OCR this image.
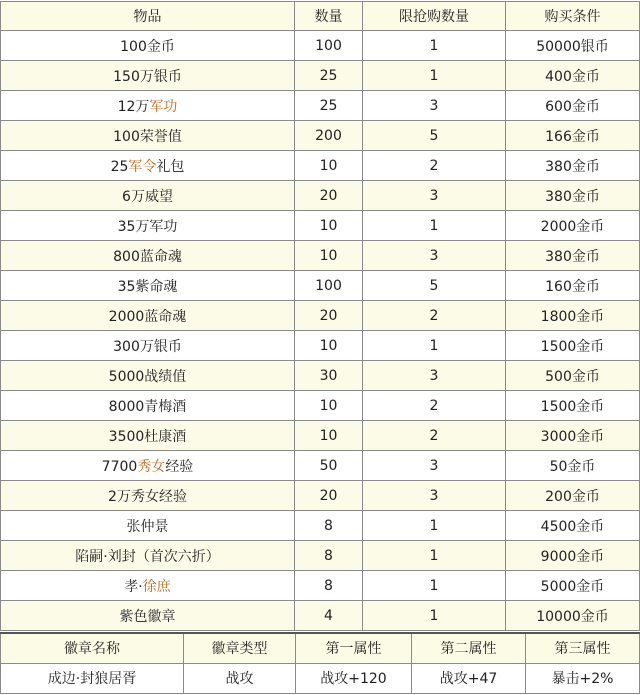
物品	数量	限抢购数量	购买条件
100金币	100	1	50000银币
150万银币	25	1	400金币
12万军功	25	3	600金币
100荣誉值	200	5	166金币
25军令礼包	10	2	380金币
6万威望	20	3	380金币
35万军功	10	1	2000金币
800蓝命魂	10	3	380金币
35紫命魂	100	5	160金币
2000蓝命魂	20	2	1800金币
300万银币	10	1	1500金币
5000战绩值	30	3	500金币
8000青梅酒	10	2	1500金币
3500杜康酒	10	2	3000金币
7700秀女经验	50	3	50金币
2万秀女经验	20	3	200金币
张仲景	8	1	4500金币
陷嗣·刘封（首次六折）	8	1	9000金币
孝·徐庶	8	1	5000金币
紫色徽章	4	1	10000金币
徽章名称	徽章类型	第一属性	第二属性	第三属性
成边·封狼居胥	战攻	战攻+120	战攻+47	暴击+2%
